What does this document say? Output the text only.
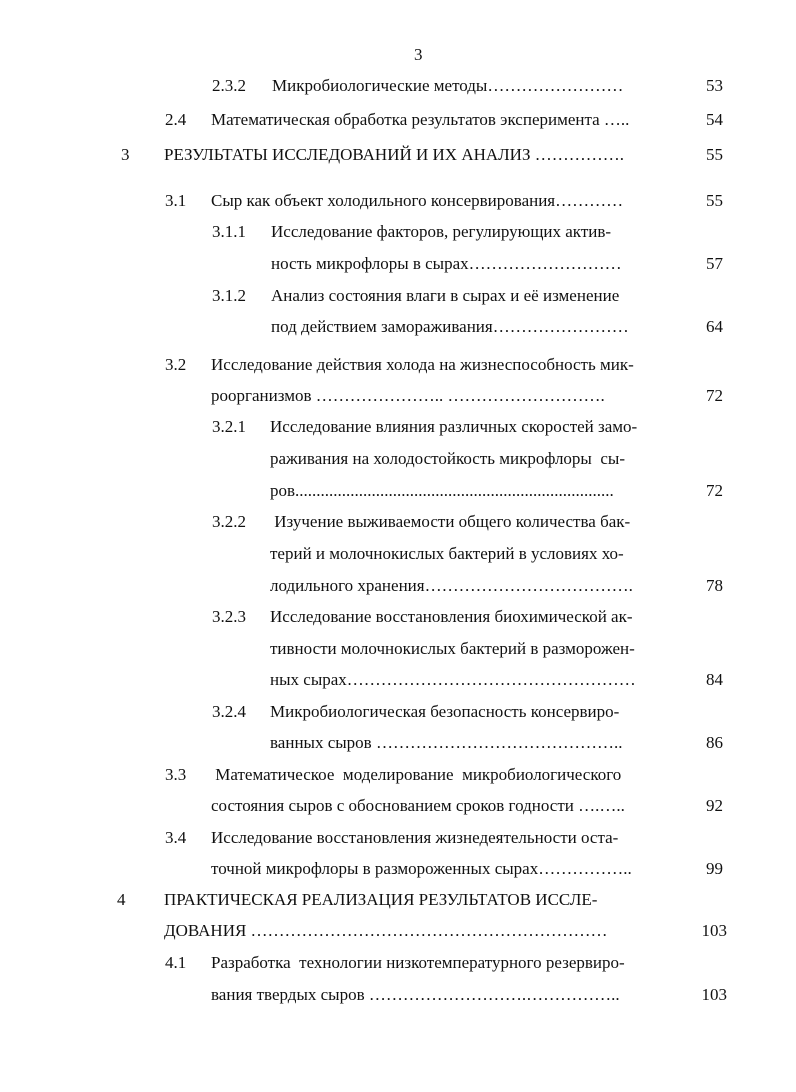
3
2.3.2 Микробиологические методы……………………	53
2.4 Математическая обработка результатов эксперимента …..	54
3 РЕЗУЛЬТАТЫ ИССЛЕДОВАНИЙ И ИХ АНАЛИЗ …………….	55
3.1 Сыр как объект холодильного консервирования…………	55
3.1.1 Исследование факторов, регулирующих актив-
ность микрофлоры в сырах………………………	57
3.1.2 Анализ состояния влаги в сырах и её изменение
под действием замораживания……………………	64
3.2 Исследование действия холода на жизнеспособность мик-
роорганизмов ………………….. ……………………….	72
3.2.1 Исследование влияния различных скоростей замо-
раживания на холодостойкость микрофлоры  сы-
ров...........................................................................	72
3.2.2 Изучение выживаемости общего количества бак-
терий и молочнокислых бактерий в условиях хо-
лодильного хранения……………………………….	78
3.2.3 Исследование восстановления биохимической ак-
тивности молочнокислых бактерий в разморожен-
ных сырах……………………………………………	84
3.2.4 Микробиологическая безопасность консервиро-
ванных сыров ……………………………………..	86
3.3 Математическое  моделирование  микробиологического
состояния сыров с обоснованием сроков годности ….…..	92
3.4 Исследование восстановления жизнедеятельности оста-
точной микрофлоры в размороженных сырах……………..	99
4 ПРАКТИЧЕСКАЯ РЕАЛИЗАЦИЯ РЕЗУЛЬТАТОВ ИССЛЕ-
ДОВАНИЯ ………………………………………………………	103
4.1 Разработка  технологии низкотемпературного резервиро-
вания твердых сыров ……………………….……………..	103
